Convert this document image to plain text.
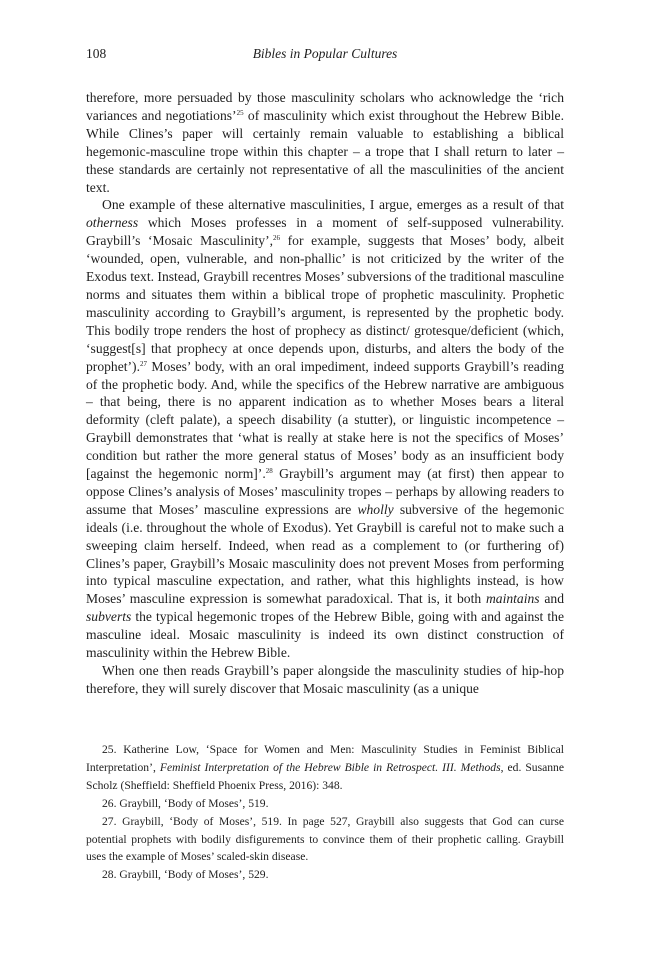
108	Bibles in Popular Cultures

therefore, more persuaded by those masculinity scholars who acknowledge the ‘rich variances and negotiations’$^{25}$ of masculinity which exist throughout the Hebrew Bible. While Clines’s paper will certainly remain valuable to establishing a biblical hegemonic-masculine trope within this chapter – a trope that I shall return to later – these standards are certainly not representative of all the masculinities of the ancient text.

One example of these alternative masculinities, I argue, emerges as a result of that otherness which Moses professes in a moment of self-supposed vulnerability. Graybill’s ‘Mosaic Masculinity’,$^{26}$ for example, suggests that Moses’ body, albeit ‘wounded, open, vulnerable, and non-phallic’ is not criticized by the writer of the Exodus text. Instead, Graybill recentres Moses’ subversions of the traditional masculine norms and situates them within a biblical trope of prophetic masculinity. Prophetic masculinity according to Graybill’s argument, is represented by the prophetic body. This bodily trope renders the host of prophecy as distinct/ grotesque/deficient (which, ‘suggest[s] that prophecy at once depends upon, disturbs, and alters the body of the prophet’).$^{27}$ Moses’ body, with an oral impediment, indeed supports Graybill’s reading of the prophetic body. And, while the specifics of the Hebrew narrative are ambiguous – that being, there is no apparent indication as to whether Moses bears a literal deformity (cleft palate), a speech disability (a stutter), or linguistic incompetence – Graybill demonstrates that ‘what is really at stake here is not the specifics of Moses’ condition but rather the more general status of Moses’ body as an insufficient body [against the hegemonic norm]’.$^{28}$ Graybill’s argument may (at first) then appear to oppose Clines’s analysis of Moses’ masculinity tropes – perhaps by allowing readers to assume that Moses’ masculine expressions are wholly subversive of the hegemonic ideals (i.e. throughout the whole of Exodus). Yet Graybill is careful not to make such a sweeping claim herself. Indeed, when read as a complement to (or furthering of) Clines’s paper, Graybill’s Mosaic masculinity does not prevent Moses from performing into typical masculine expectation, and rather, what this highlights instead, is how Moses’ masculine expression is somewhat paradoxical. That is, it both maintains and subverts the typical hegemonic tropes of the Hebrew Bible, going with and against the masculine ideal. Mosaic masculinity is indeed its own distinct construction of masculinity within the Hebrew Bible.

When one then reads Graybill’s paper alongside the masculinity studies of hip-hop therefore, they will surely discover that Mosaic masculinity (as a unique

25. Katherine Low, ‘Space for Women and Men: Masculinity Studies in Feminist Biblical Interpretation’, Feminist Interpretation of the Hebrew Bible in Retrospect. III. Methods, ed. Susanne Scholz (Sheffield: Sheffield Phoenix Press, 2016): 348.

26. Graybill, ‘Body of Moses’, 519.

27. Graybill, ‘Body of Moses’, 519. In page 527, Graybill also suggests that God can curse potential prophets with bodily disfigurements to convince them of their prophetic calling. Graybill uses the example of Moses’ scaled-skin disease.

28. Graybill, ‘Body of Moses’, 529.
